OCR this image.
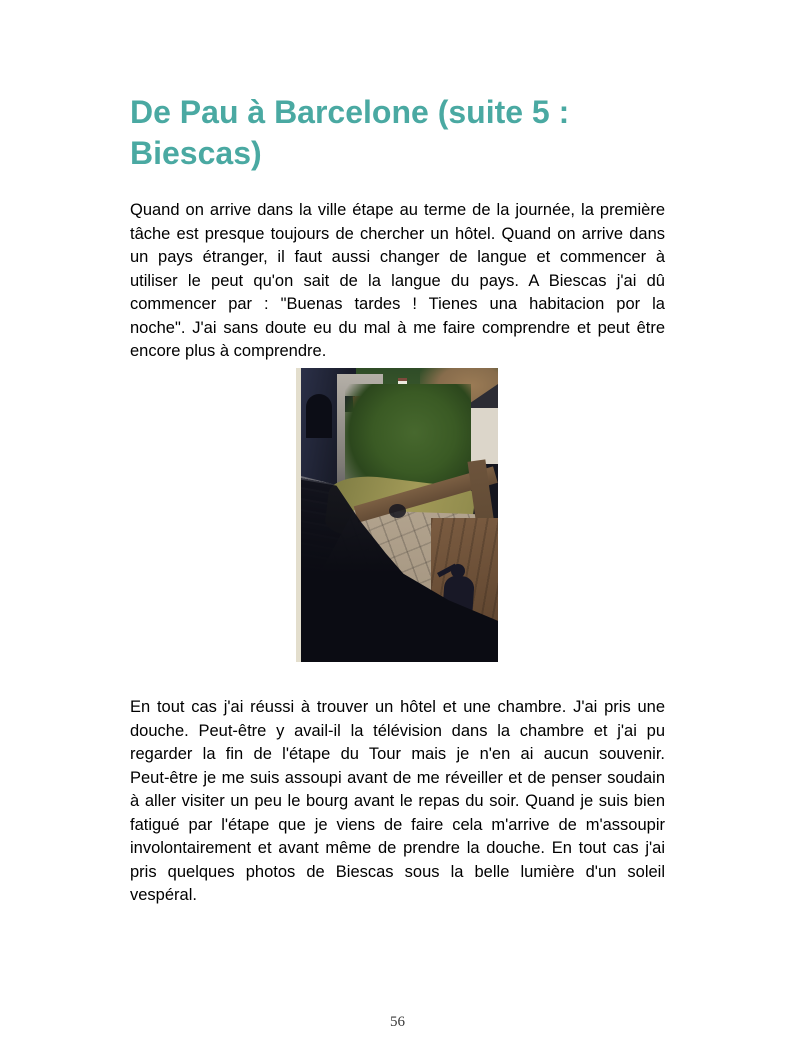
De Pau à Barcelone (suite 5 :
Biescas)
Quand on arrive dans la ville étape au terme de la journée, la première
tâche est presque toujours de chercher un hôtel. Quand on arrive dans
un pays étranger, il faut aussi changer de langue et commencer à
utiliser le peut qu'on sait de la langue du pays. A Biescas j'ai dû
commencer par : "Buenas tardes ! Tienes una habitacion por la
noche". J'ai sans doute eu du mal à me faire comprendre et peut être
encore plus à comprendre.
En tout cas j'ai réussi à trouver un hôtel et une chambre. J'ai pris une
douche. Peut-être y avail-il la télévision dans la chambre et j'ai pu
regarder la fin de l'étape du Tour mais je n'en ai aucun souvenir.
Peut-être je me suis assoupi avant de me réveiller et de penser soudain
à aller visiter un peu le bourg avant le repas du soir. Quand je suis bien
fatigué par l'étape que je viens de faire cela m'arrive de m'assoupir
involontairement et avant même de prendre la douche. En tout cas j'ai
pris quelques photos de Biescas sous la belle lumière d'un soleil
vespéral.
56
